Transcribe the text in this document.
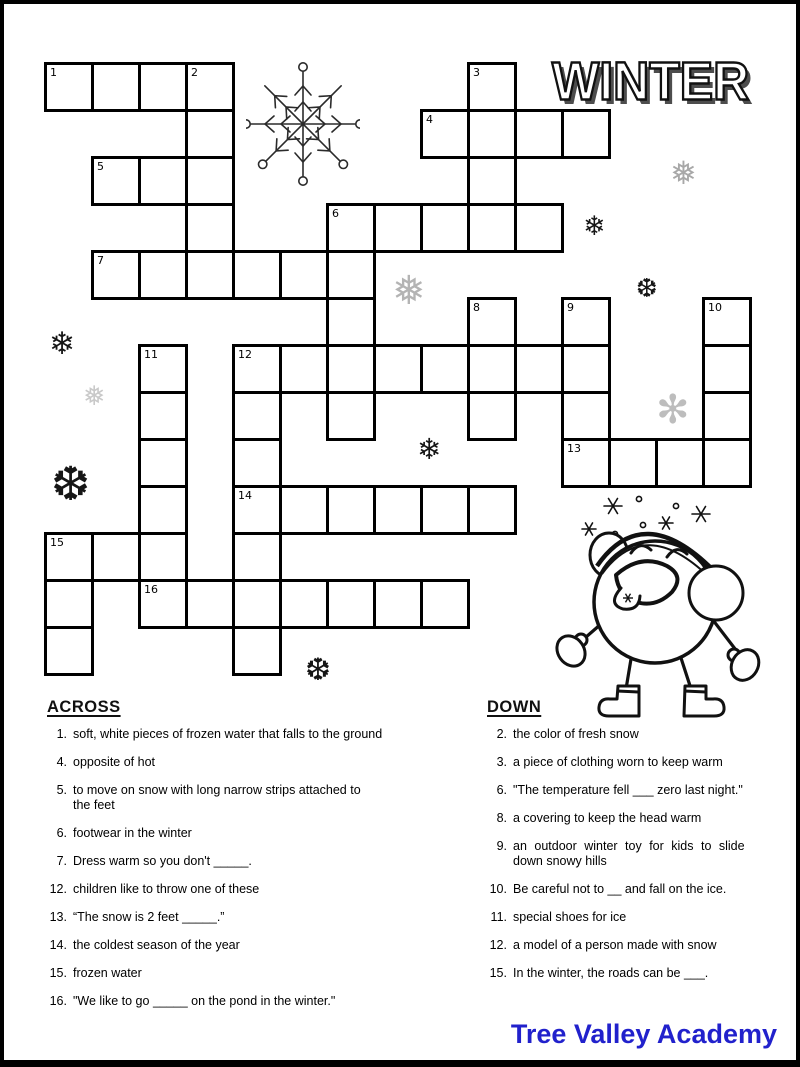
WINTER
1	2	3
4
5
6
7
8	9	10
11	12
13
14
15
16
ACROSS
1. soft, white pieces of frozen water that falls to the ground
4. opposite of hot
5. to move on snow with long narrow strips attached to
the feet
6. footwear in the winter
7. Dress warm so you don't _____.
12. children like to throw one of these
13. “The snow is 2 feet _____.”
14. the coldest season of the year
15. frozen water
16. "We like to go _____ on the pond in the winter."
DOWN
2. the color of fresh snow
3. a piece of clothing worn to keep warm
6. "The temperature fell ___ zero last night."
8. a covering to keep the head warm
9. an outdoor winter toy for kids to slide
down snowy hills
10. Be careful not to __ and fall on the ice.
11. special shoes for ice
12. a model of a person made with snow
15. In the winter, the roads can be ___.
Tree Valley Academy
❅
❄
❅	❆
❄
❅	✻
❄
❆
❆
